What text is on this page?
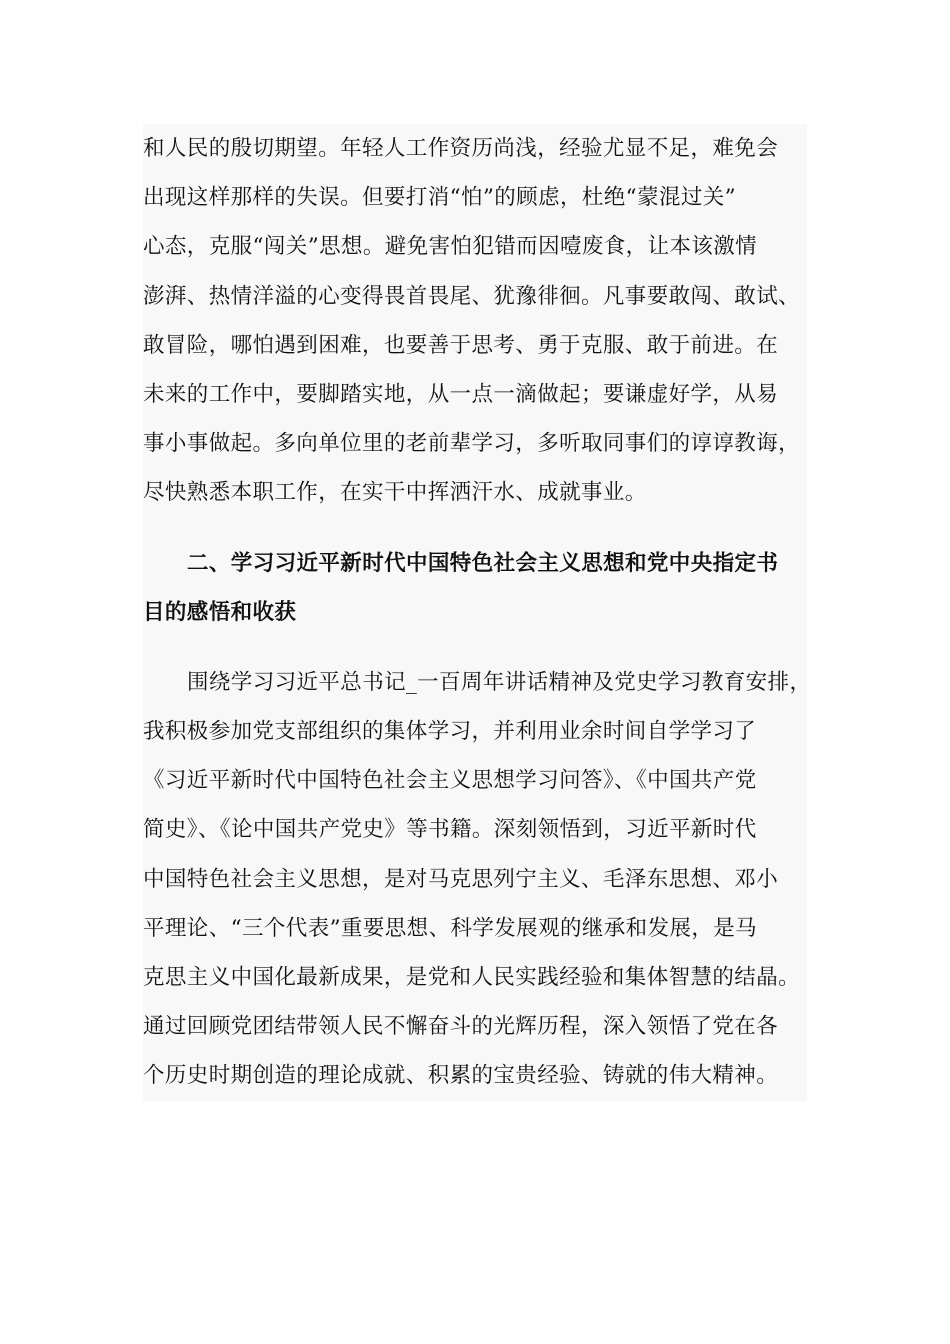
和人民的殷切期望。年轻人工作资历尚浅，经验尤显不足，难免会
出现这样那样的失误。但要打消“怕”的顾虑，杜绝“蒙混过关”
心态，克服“闯关”思想。避免害怕犯错而因噎废食，让本该激情
澎湃、热情洋溢的心变得畏首畏尾、犹豫徘徊。凡事要敢闯、敢试、
敢冒险，哪怕遇到困难，也要善于思考、勇于克服、敢于前进。在
未来的工作中，要脚踏实地，从一点一滴做起；要谦虚好学，从易
事小事做起。多向单位里的老前辈学习，多听取同事们的谆谆教诲，
尽快熟悉本职工作，在实干中挥洒汗水、成就事业。
二、学习习近平新时代中国特色社会主义思想和党中央指定书
目的感悟和收获
围绕学习习近平总书记_一百周年讲话精神及党史学习教育安排，
我积极参加党支部组织的集体学习，并利用业余时间自学学习了
《习近平新时代中国特色社会主义思想学习问答》、《中国共产党
简史》、《论中国共产党史》等书籍。深刻领悟到，习近平新时代
中国特色社会主义思想，是对马克思列宁主义、毛泽东思想、邓小
平理论、“三个代表”重要思想、科学发展观的继承和发展，是马
克思主义中国化最新成果，是党和人民实践经验和集体智慧的结晶。
通过回顾党团结带领人民不懈奋斗的光辉历程，深入领悟了党在各
个历史时期创造的理论成就、积累的宝贵经验、铸就的伟大精神。
